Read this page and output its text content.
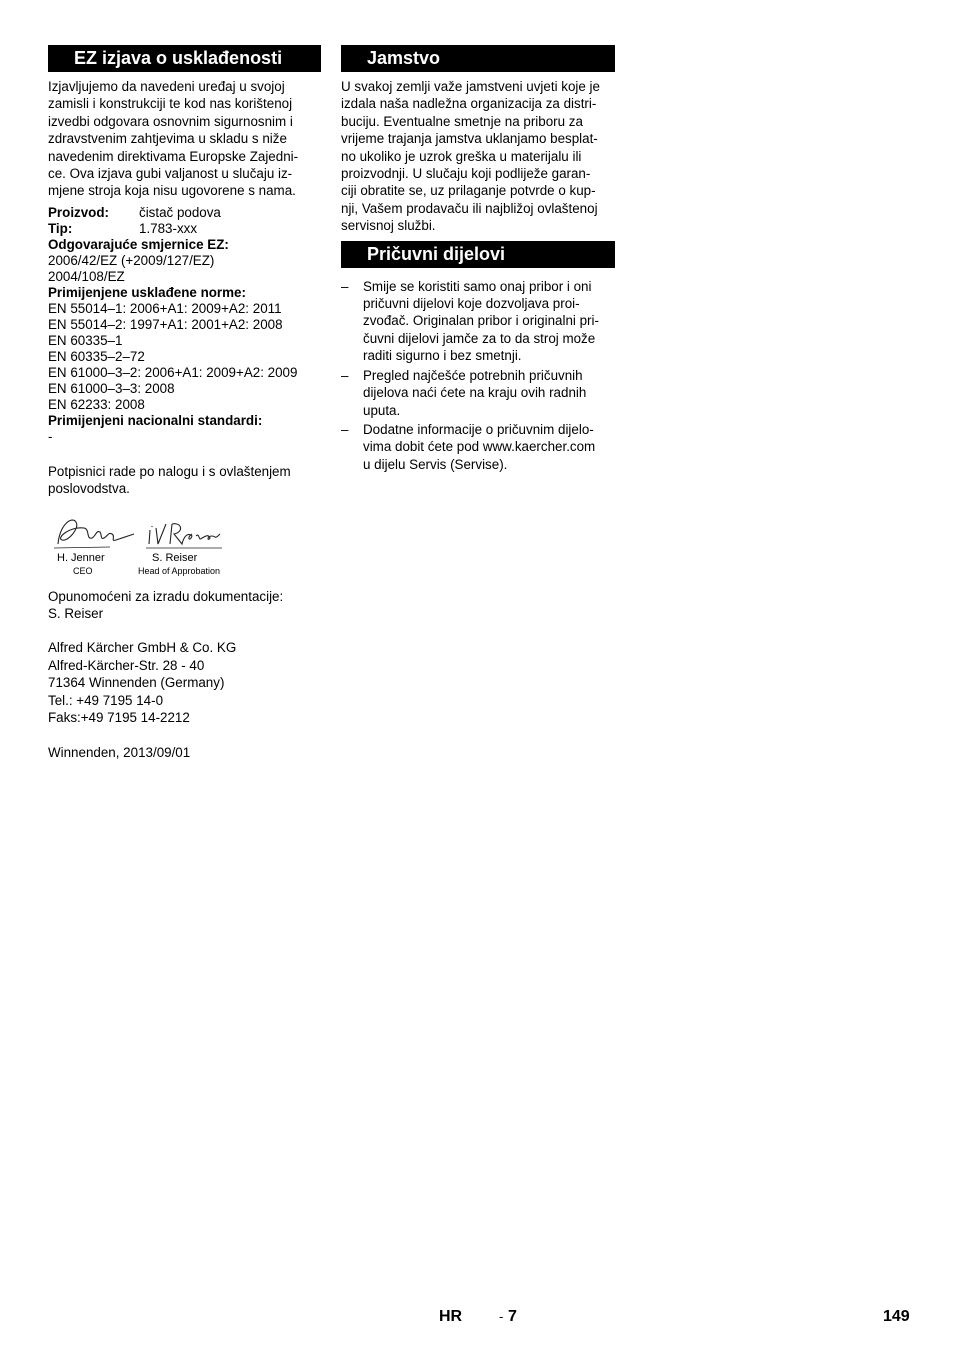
EZ izjava o usklađenosti

Izjavljujemo da navedeni uređaj u svojoj
zamisli i konstrukciji te kod nas korištenoj
izvedbi odgovara osnovnim sigurnosnim i
zdravstvenim zahtjevima u skladu s niže
navedenim direktivama Europske Zajedni-
ce. Ova izjava gubi valjanost u slučaju iz-
mjene stroja koja nisu ugovorene s nama.

Proizvod:	čistač podova
Tip:	1.783-xxx
Odgovarajuće smjernice EZ:
2006/42/EZ (+2009/127/EZ)
2004/108/EZ
Primijenjene usklađene norme:
EN 55014–1: 2006+A1: 2009+A2: 2011
EN 55014–2: 1997+A1: 2001+A2: 2008
EN 60335–1
EN 60335–2–72
EN 61000–3–2: 2006+A1: 2009+A2: 2009
EN 61000–3–3: 2008
EN 62233: 2008
Primijenjeni nacionalni standardi:
-

Potpisnici rade po nalogu i s ovlaštenjem
poslovodstva.

H. Jenner
CEO
S. Reiser
Head of Approbation

Opunomoćeni za izradu dokumentacije:
S. Reiser

Alfred Kärcher GmbH & Co. KG
Alfred-Kärcher-Str. 28 - 40
71364 Winnenden (Germany)
Tel.: +49 7195 14-0
Faks:+49 7195 14-2212

Winnenden, 2013/09/01

Jamstvo

U svakoj zemlji važe jamstveni uvjeti koje je
izdala naša nadležna organizacija za distri-
buciju. Eventualne smetnje na priboru za
vrijeme trajanja jamstva uklanjamo besplat-
no ukoliko je uzrok greška u materijalu ili
proizvodnji. U slučaju koji podliježe garan-
ciji obratite se, uz prilaganje potvrde o kup-
nji, Vašem prodavaču ili najbližoj ovlaštenoj
servisnoj službi.

Pričuvni dijelovi
– Smije se koristiti samo onaj pribor i oni
pričuvni dijelovi koje dozvoljava proi-
zvođač. Originalan pribor i originalni pri-
čuvni dijelovi jamče za to da stroj može
raditi sigurno i bez smetnji.
– Pregled najčešće potrebnih pričuvnih
dijelova naći ćete na kraju ovih radnih
uputa.
– Dodatne informacije o pričuvnim dijelo-
vima dobit ćete pod www.kaercher.com
u dijelu Servis (Servise).
HR	- 7	149
